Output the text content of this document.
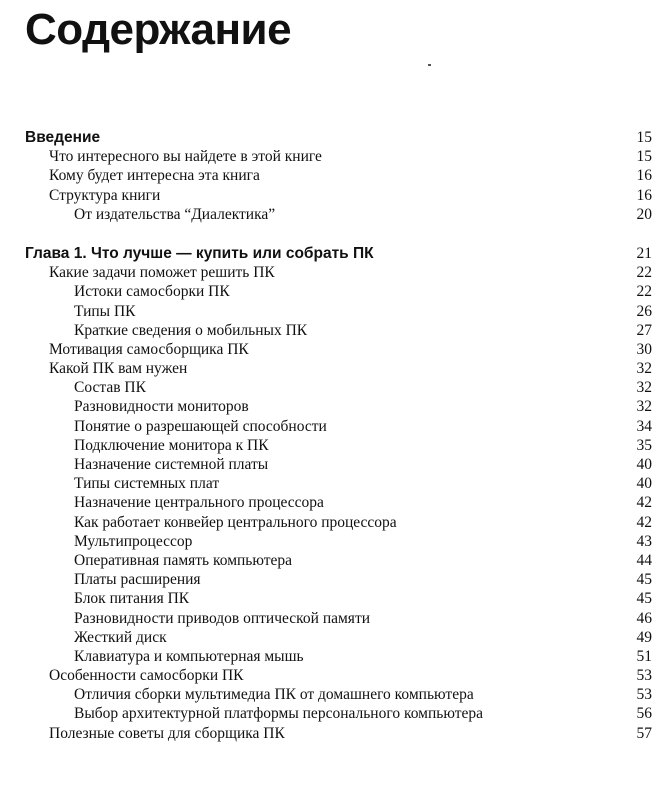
Содержание
Введение	15
Что интересного вы найдете в этой книге	15
Кому будет интересна эта книга	16
Структура книги	16
От издательства “Диалектика”	20
Глава 1. Что лучше — купить или собрать ПК	21
Какие задачи поможет решить ПК	22
Истоки самосборки ПК	22
Типы ПК	26
Краткие сведения о мобильных ПК	27
Мотивация самосборщика ПК	30
Какой ПК вам нужен	32
Состав ПК	32
Разновидности мониторов	32
Понятие о разрешающей способности	34
Подключение монитора к ПК	35
Назначение системной платы	40
Типы системных плат	40
Назначение центрального процессора	42
Как работает конвейер центрального процессора	42
Мультипроцессор	43
Оперативная память компьютера	44
Платы расширения	45
Блок питания ПК	45
Разновидности приводов оптической памяти	46
Жесткий диск	49
Клавиатура и компьютерная мышь	51
Особенности самосборки ПК	53
Отличия сборки мультимедиа ПК от домашнего компьютера	53
Выбор архитектурной платформы персонального компьютера	56
Полезные советы для сборщика ПК	57
